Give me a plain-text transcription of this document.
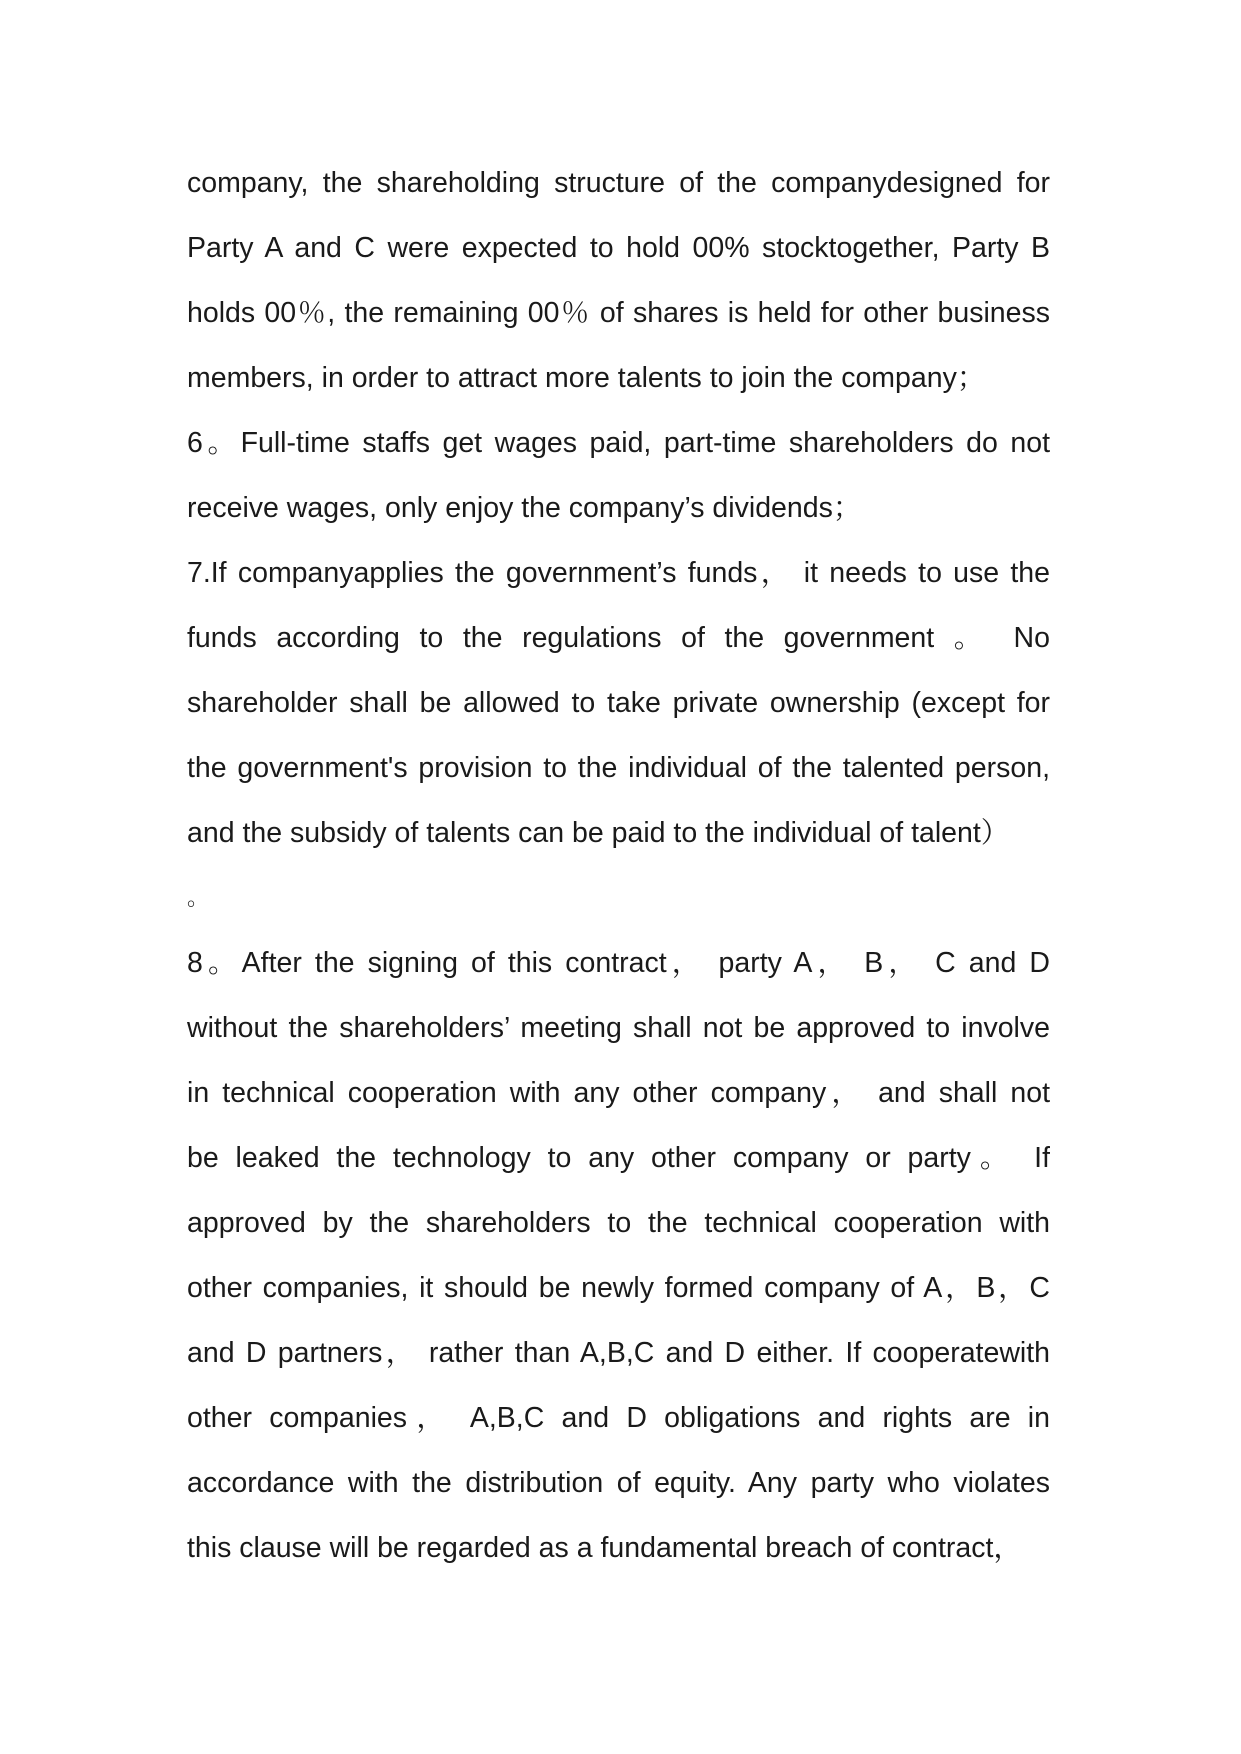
company, the shareholding structure of the companydesigned for
Party A and C were expected to hold 00% stocktogether, Party B
holds 00％, the remaining 00％ of shares is held for other business
members, in order to attract more talents to join the company；
6。Full-time staffs get wages paid, part-time shareholders do not
receive wages, only enjoy the company’s dividends；
7.If companyapplies the government’s funds， it needs to use the
funds according to the regulations of the government 。 No
shareholder shall be allowed to take private ownership (except for
the government's provision to the individual of the talented person,
and the subsidy of talents can be paid to the individual of talent）
。
8。After the signing of this contract， party A， B， C and D
without the shareholders’ meeting shall not be approved to involve
in technical cooperation with any other company， and shall not
be leaked the technology to any other company or party。 If
approved by the shareholders to the technical cooperation with
other companies, it should be newly formed company of A，B，C
and D partners， rather than A,B,C and D either. If cooperatewith
other companies， A,B,C and D obligations and rights are in
accordance with the distribution of equity. Any party who violates
this clause will be regarded as a fundamental breach of contract，
